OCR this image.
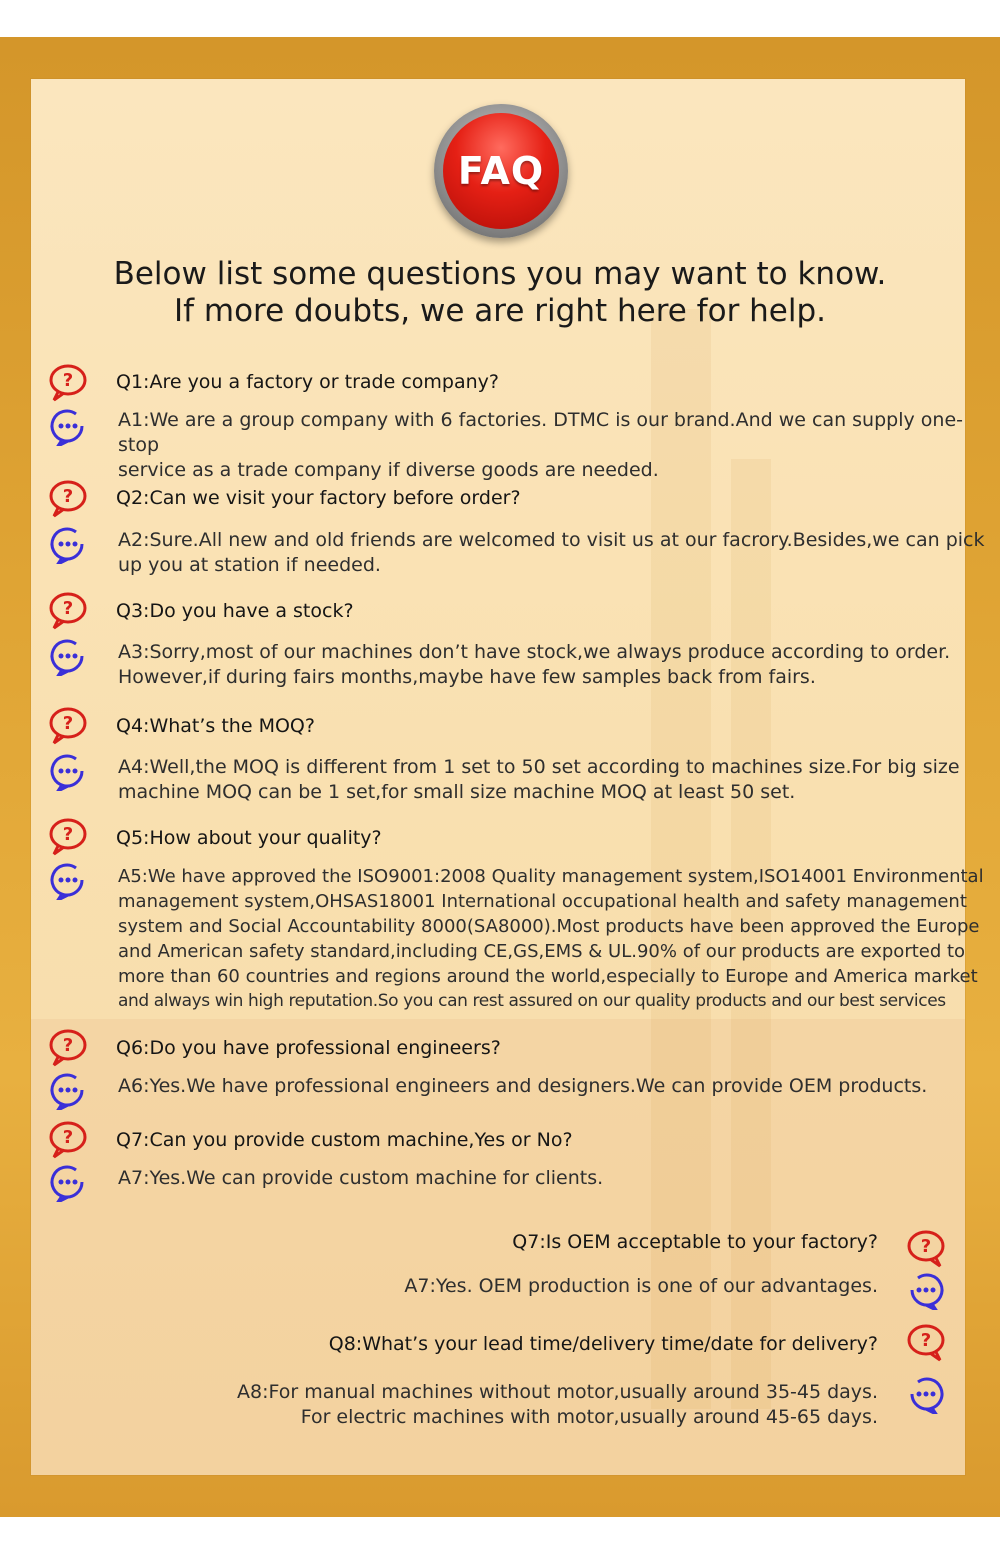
FAQ
Below list some questions you may want to know.
If more doubts, we are right here for help.
? Q1:Are you a factory or trade company?
A1:We are a group company with 6 factories. DTMC is our brand.And we can supply one-stop
service as a trade company if diverse goods are needed.
? Q2:Can we visit your factory before order?
A2:Sure.All new and old friends are welcomed to visit us at our facrory.Besides,we can pick
up you at station if needed.
? Q3:Do you have a stock?
A3:Sorry,most of our machines don’t have stock,we always produce according to order.
However,if during fairs months,maybe have few samples back from fairs.
? Q4:What’s the MOQ?
A4:Well,the MOQ is different from 1 set to 50 set according to machines size.For big size
machine MOQ can be 1 set,for small size machine MOQ at least 50 set.
? Q5:How about your quality?
A5:We have approved the ISO9001:2008 Quality management system,ISO14001 Environmental
management system,OHSAS18001 International occupational health and safety management
system and Social Accountability 8000(SA8000).Most products have been approved the Europe
and American safety standard,including CE,GS,EMS & UL.90% of our products are exported to
more than 60 countries and regions around the world,especially to Europe and America market
and always win high reputation.So you can rest assured on our quality products and our best services
? Q6:Do you have professional engineers?
A6:Yes.We have professional engineers and designers.We can provide OEM products.
? Q7:Can you provide custom machine,Yes or No?
A7:Yes.We can provide custom machine for clients.
Q7:Is OEM acceptable to your factory? ?
A7:Yes. OEM production is one of our advantages.
Q8:What’s your lead time/delivery time/date for delivery? ?
A8:For manual machines without motor,usually around 35-45 days.
For electric machines with motor,usually around 45-65 days.
